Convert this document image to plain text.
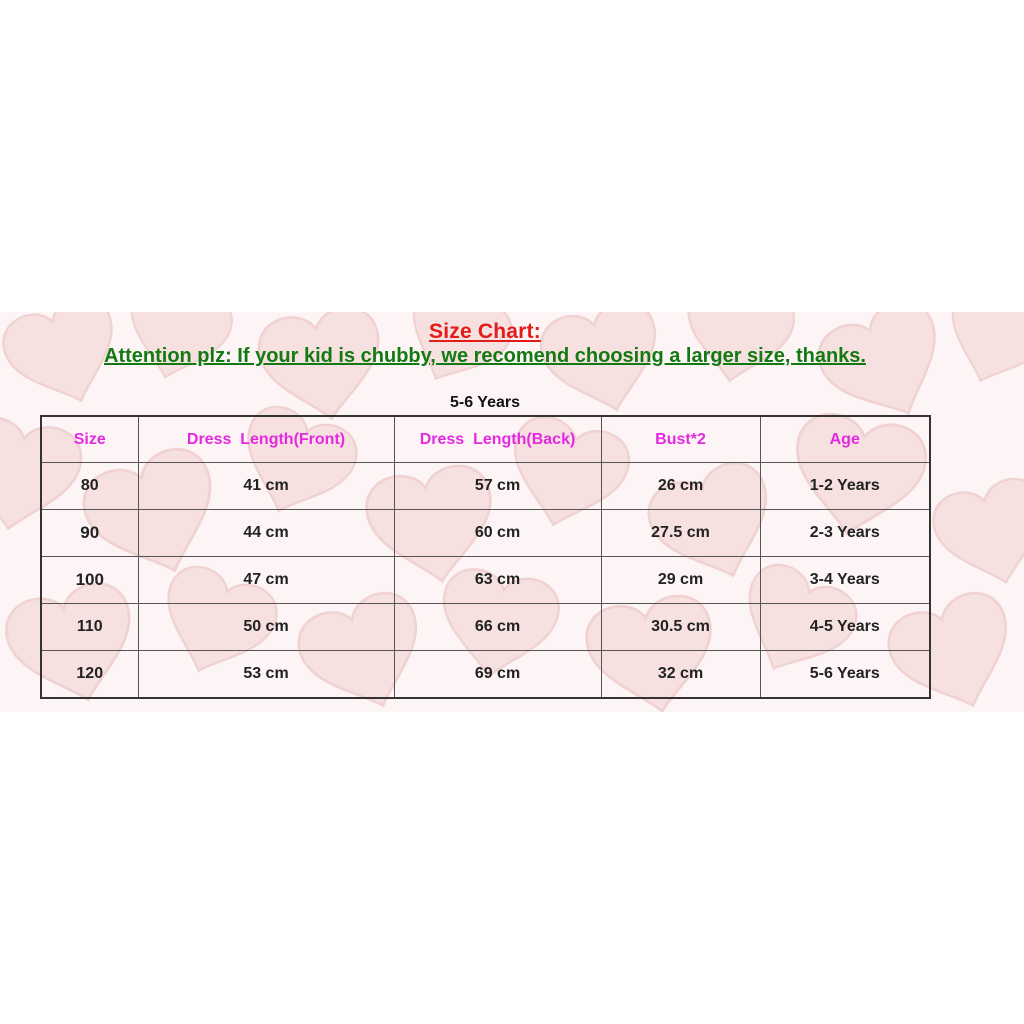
Size Chart:
Attention plz: If your kid is chubby, we recomend choosing a larger size, thanks.
5-6 Years
Size	Dress  Length(Front)	Dress  Length(Back)	Bust*2	Age
80	41 cm	57 cm	26 cm	1-2 Years
90	44 cm	60 cm	27.5 cm	2-3 Years
100	47 cm	63 cm	29 cm	3-4 Years
110	50 cm	66 cm	30.5 cm	4-5 Years
120	53 cm	69 cm	32 cm	5-6 Years
